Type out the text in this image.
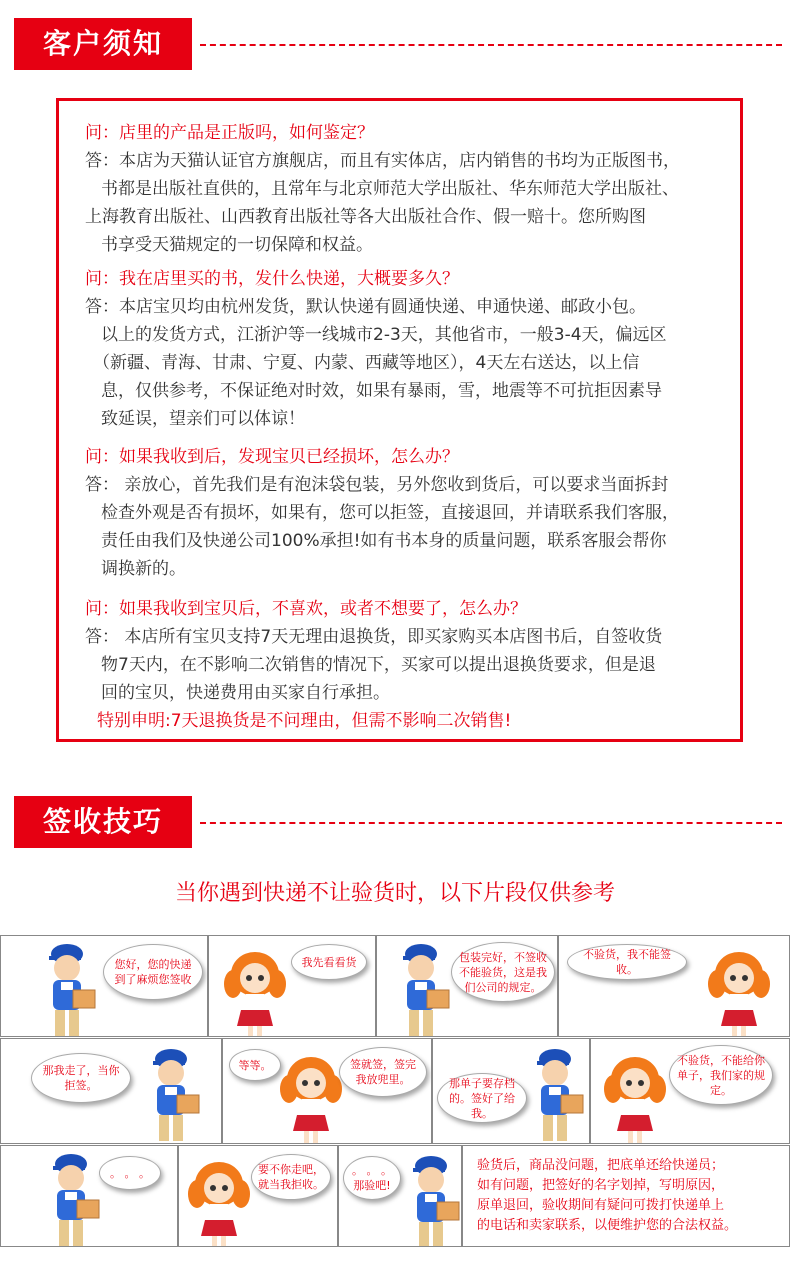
客户须知
问：店里的产品是正版吗，如何鉴定？
答：本店为天猫认证官方旗舰店，而且有实体店，店内销售的书均为正版图书，
书都是出版社直供的，且常年与北京师范大学出版社、华东师范大学出版社、
上海教育出版社、山西教育出版社等各大出版社合作、假一赔十。您所购图
书享受天猫规定的一切保障和权益。
问：我在店里买的书，发什么快递，大概要多久？
答：本店宝贝均由杭州发货，默认快递有圆通快递、申通快递、邮政小包。
以上的发货方式，江浙沪等一线城市2-3天，其他省市，一般3-4天，偏远区
（新疆、青海、甘肃、宁夏、内蒙、西藏等地区），4天左右送达，以上信
息，仅供参考，不保证绝对时效，如果有暴雨，雪，地震等不可抗拒因素导
致延误，望亲们可以体谅！
问：如果我收到后，发现宝贝已经损坏，怎么办？
答： 亲放心，首先我们是有泡沫袋包装，另外您收到货后，可以要求当面拆封
检查外观是否有损坏，如果有，您可以拒签，直接退回，并请联系我们客服，
责任由我们及快递公司100%承担!如有书本身的质量问题，联系客服会帮你
调换新的。
问：如果我收到宝贝后，不喜欢，或者不想要了，怎么办？
答： 本店所有宝贝支持7天无理由退换货，即买家购买本店图书后，自签收货
物7天内，在不影响二次销售的情况下，买家可以提出退换货要求，但是退
回的宝贝，快递费用由买家自行承担。
特别申明:7天退换货是不问理由，但需不影响二次销售!
签收技巧
当你遇到快递不让验货时，以下片段仅供参考
您好，您的快递到了麻烦您签收
我先看看货	包装完好，不签收不能验货，这是我们公司的规定。
不验货，我不能签收。
那我走了，当你拒签。
等等。	签就签，签完我放兜里。	那单子要存档的。签好了给我。
不验货，不能给你单子，我们家的规定。
。 。 。	要不你走吧，就当我拒收。
。 。 。
那验吧!
验货后，商品没问题，把底单还给快递员；
如有问题，把签好的名字划掉，写明原因，
原单退回，验收期间有疑问可拨打快递单上
的电话和卖家联系，以便维护您的合法权益。
